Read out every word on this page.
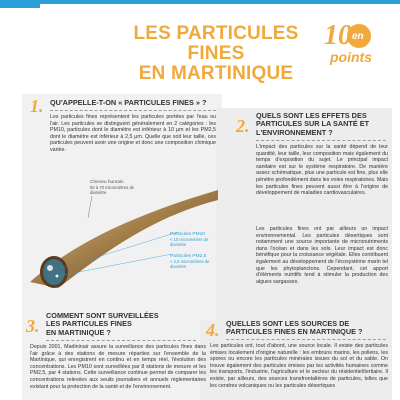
LES PARTICULES FINES
EN MARTINIQUE
10 en
points
1. QU'APPELLE-T-ON « PARTICULES FINES » ?
Les particules fines représentent les particules portées par l'eau ou l'air. Les particules se distinguent généralement en 2 catégories : les PM10, particules dont le diamètre est inférieur à 10 µm et les PM2,5 dont le diamètre est inférieur à 2,5 µm. Quelle que soit leur taille, ces particules peuvent avoir une origine et donc une composition chimique variée.
Cheveu humain
50 à 70 micromètres de diamètre
Particules PM10
< 10 micromètres de diamètre
Particules PM2,5
< 2,5 micromètres de diamètre
2.
QUELS SONT LES EFFETS DES
PARTICULES SUR LA SANTÉ ET
L'ENVIRONNEMENT ?
L'impact des particules sur la santé dépend de leur quantité, leur taille, leur composition mais également du temps d'exposition du sujet. Le principal impact sanitaire est sur le système respiratoire. De manière assez schématique, plus une particule est fine, plus elle pénètre profondément dans les voies respiratoires. Mais les particules fines peuvent aussi être à l'origine de développement de maladies cardiovasculaires.
Les particules fines ont par ailleurs un impact environnemental. Les particules désertiques sont notamment une source importante de micronutriments dans l'océan et dans les sols. Leur impact est donc bénéfique pour la croissance végétale. Elles contribuent également au développement de l'écosystème marin tel que les phytoplanctons. Cependant, cet apport d'éléments nutritifs tend à stimuler la production des algues sargasses.
3.
COMMENT SONT SURVEILLÉES
LES PARTICULES FINES
EN MARTINIQUE ?
Depuis 2001, Madininair assure la surveillance des particules fines dans l'air grâce à des stations de mesure réparties sur l'ensemble de la Martinique, qui enregistrent en continu et en temps réel, l'évolution des concentrations. Les PM10 sont surveillées par 8 stations de mesure et les PM2,5, par 4 stations. Cette surveillance continue permet de comparer les concentrations relevées aux seuils journaliers et annuels réglementaires existant pour la protection de la santé et de l'environnement.
4. QUELLES SONT LES SOURCES DE
PARTICULES FINES EN MARTINIQUE ?
Les particules ont, tout d'abord, une source locale. Il existe des particules émises localement d'origine naturelle : les embruns marins, les pollens, les spores ou encore les particules minérales issues du sol et du sable. On trouve également des particules émises par les activités humaines comme les transports, l'industrie, l'agriculture et le secteur du résidentiel/tertiaire. Il existe, par ailleurs, des sources transfrontalières de particules, telles que les cendres volcaniques ou les particules désertiques
